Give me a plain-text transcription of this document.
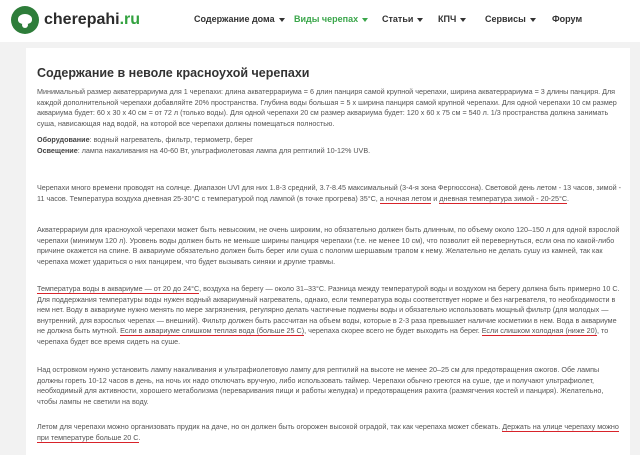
cherepahi.ru	Содержание дома	Виды черепах	Статьи	КПЧ	Сервисы	Форум
Содержание в неволе красноухой черепахи
Минимальный размер акватеррариума для 1 черепахи: длина акватеррариума = 6 длин панциря самой крупной черепахи, ширина акватеррариума = 3 длины панциря. Для каждой дополнительной черепахи добавляйте 20% пространства. Глубина воды большая = 5 х ширина панциря самой крупной черепахи. Для одной черепахи 10 см размер аквариума будет: 60 х 30 х 40 см = от 72 л (только воды). Для одной черепахи 20 см размер аквариума будет: 120 х 60 х 75 см = 540 л. 1/3 пространства должна занимать суша, нависающая над водой, на которой все черепахи должны помещаться полностью.
Оборудование: водный нагреватель, фильтр, термометр, берег
Освещение: лампа накаливания на 40-60 Вт, ультрафиолетовая лампа для рептилий 10-12% UVB.
Черепахи много времени проводят на солнце. Диапазон UVI для них 1.8-3 средний, 3.7-8.45 максимальный (3-4-я зона Фергюссона). Световой день летом - 13 часов, зимой - 11 часов. Температура воздуха дневная 25-30°C с температурой под лампой (в точке прогрева) 35°C, а ночная летом и дневная температура зимой - 20-25°C.
Акватеррариум для красноухой черепахи может быть невысоким, не очень широким, но обязательно должен быть длинным, по объему около 120–150 л для одной взрослой черепахи (минимум 120 л). Уровень воды должен быть не меньше ширины панциря черепахи (т.е. не менее 10 см), что позволит ей перевернуться, если она по какой-либо причине окажется на спине. В аквариуме обязательно должен быть берег или суша с пологим шершавым трапом к нему. Желательно не делать сушу из камней, так как черепаха может удариться о них панцирем, что будет вызывать синяки и другие травмы.
Температура воды в аквариуме — от 20 до 24°C, воздуха на берегу — около 31–33°C. Разница между температурой воды и воздухом на берегу должна быть примерно 10 С. Для поддержания температуры воды нужен водный аквариумный нагреватель, однако, если температура воды соответствует норме и без нагревателя, то необходимости в нем нет. Воду в аквариуме нужно менять по мере загрязнения, регулярно делать частичные подмены воды и обязательно использовать мощный фильтр (для молодых — внутренний, для взрослых черепах — внешний). Фильтр должен быть рассчитан на объем воды, которые в 2-3 раза превышает наличие косметики в нем. Вода в аквариуме не должна быть мутной. Если в аквариуме слишком теплая вода (больше 25 С), черепаха скорее всего не будет выходить на берег. Если слишком холодная (ниже 20), то черепаха будет все время сидеть на суше.
Над островком нужно установить лампу накаливания и ультрафиолетовую лампу для рептилий на высоте не менее 20–25 см для предотвращения ожогов. Обе лампы должны гореть 10-12 часов в день, на ночь их надо отключать вручную, либо использовать таймер. Черепахи обычно греются на суше, где и получают ультрафиолет, необходимый для активности, хорошего метаболизма (переваривания пищи и работы желудка) и предотвращения рахита (размягчения костей и панциря). Желательно, чтобы лампы не светили на воду.
Летом для черепахи можно организовать прудик на даче, но он должен быть огорожен высокой оградой, так как черепаха может сбежать. Держать на улице черепаху можно при температуре больше 20 С.
